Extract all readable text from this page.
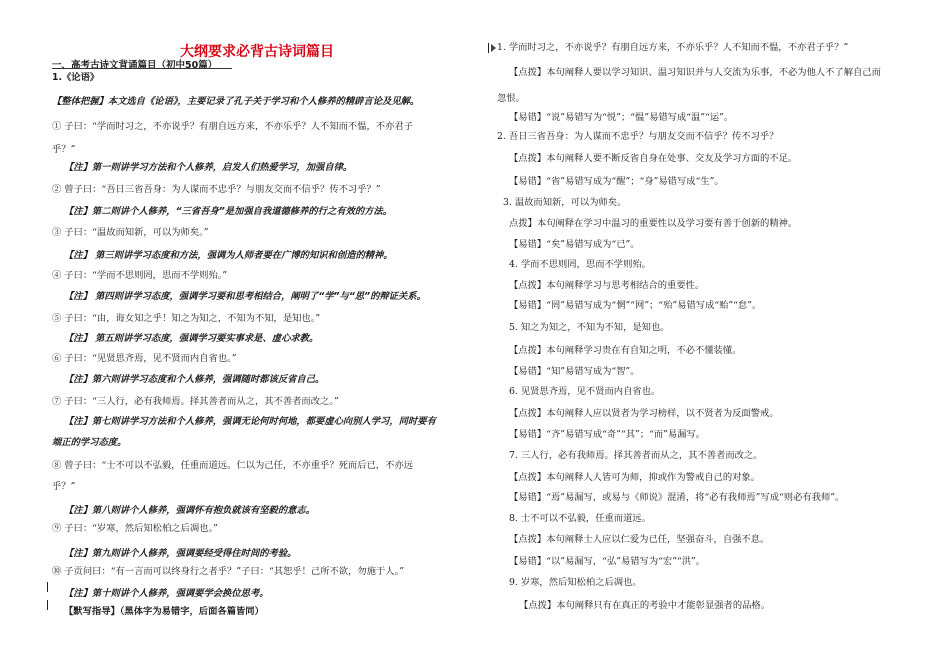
大纲要求必背古诗词篇目
一、高考古诗文背诵篇目（初中50篇）
1.《论语》
【整体把握】本文选自《论语》，主要记录了孔子关于学习和个人修养的精辟言论及见解。
① 子曰：“学而时习之，不亦说乎？有朋自远方来，不亦乐乎？人不知而不愠，不亦君子
乎？”
【注】第一则讲学习方法和个人修养，启发人们热爱学习，加强自律。
② 曾子曰：“吾日三省吾身：为人谋而不忠乎？与朋友交而不信乎？传不习乎？”
【注】第二则讲个人修养，“三省吾身”是加强自我道德修养的行之有效的方法。
③ 子曰：“温故而知新，可以为师矣。”
【注】 第三则讲学习态度和方法，强调为人师者要在广博的知识和创造的精神。
④ 子曰：“学而不思则罔，思而不学则殆。”
【注】 第四则讲学习态度，强调学习要和思考相结合，阐明了“学”与“思”的辩证关系。
⑤ 子曰：“由，诲女知之乎！知之为知之，不知为不知，是知也。”
【注】 第五则讲学习态度，强调学习要实事求是、虚心求教。
⑥ 子曰：“见贤思齐焉，见不贤而内自省也。”
【注】第六则讲学习态度和个人修养，强调随时都该反省自己。
⑦ 子曰：“三人行，必有我师焉。择其善者而从之，其不善者而改之。”
【注】第七则讲学习方法和个人修养，强调无论何时何地，都要虚心向别人学习，同时要有
端正的学习态度。
⑧ 曾子曰：“士不可以不弘毅，任重而道远。仁以为己任，不亦重乎？死而后已，不亦远
乎？”
【注】第八则讲个人修养，强调怀有抱负就该有坚毅的意志。
⑨ 子曰：“岁寒，然后知松柏之后凋也。”
【注】第九则讲个人修养，强调要经受得住时间的考验。
⑩ 子贡问曰：“有一言而可以终身行之者乎？”子曰：“其恕乎！己所不欲，勿施于人。”
【注】第十则讲个人修养，强调要学会换位思考。
【默写指导】（黑体字为易错字，后面各篇皆同）
1. 学而时习之，不亦说乎？有朋自远方来，不亦乐乎？人不知而不愠，不亦君子乎？”
【点拨】本句阐释人要以学习知识、温习知识并与人交流为乐事，不必为他人不了解自己而
忽恨。
【易错】“说”易错写为“悦”；“愠”易错写成“温”“运”。
2. 吾日三省吾身：为人谋而不忠乎？与朋友交而不信乎？传不习乎？
【点拨】本句阐释人要不断反省自身在处事、交友及学习方面的不足。
【易错】“省”易错写成为“醒”；“身”易错写成“生”。
3. 温故而知新，可以为师矣。
点拨】本句阐释在学习中温习的重要性以及学习要有善于创新的精神。
【易错】“矣”易错写成为“已”。
4. 学而不思则罔，思而不学则殆。
【点拨】本句阐释学习与思考相结合的重要性。
【易错】“罔”易错写成为“惘”“网”；“殆”易错写成“贻”“怠”。
5. 知之为知之，不知为不知，是知也。
【点拨】本句阐释学习贵在有自知之明，不必不懂装懂。
【易错】“知”易错写成为“智”。
6. 见贤思齐焉，见不贤而内自省也。
【点拨】本句阐释人应以贤者为学习榜样，以不贤者为反面警戒。
【易错】“齐”易错写成“奇”“其”；“而”易漏写。
7. 三人行，必有我师焉。择其善者而从之，其不善者而改之。
【点拨】本句阐释人人皆可为师，抑或作为警戒自己的对象。
【易错】“焉”易漏写，或易与《师说》混淆，将“必有我师焉”写成“则必有我师”。
8. 士不可以不弘毅，任重而道远。
【点拨】本句阐释士人应以仁爱为已任，坚强奋斗，自强不息。
【易错】“以”易漏写，“弘”易错写为“宏”“洪”。
9. 岁寒，然后知松柏之后凋也。
【点拨】本句阐释只有在真正的考验中才能彰显强者的品格。
